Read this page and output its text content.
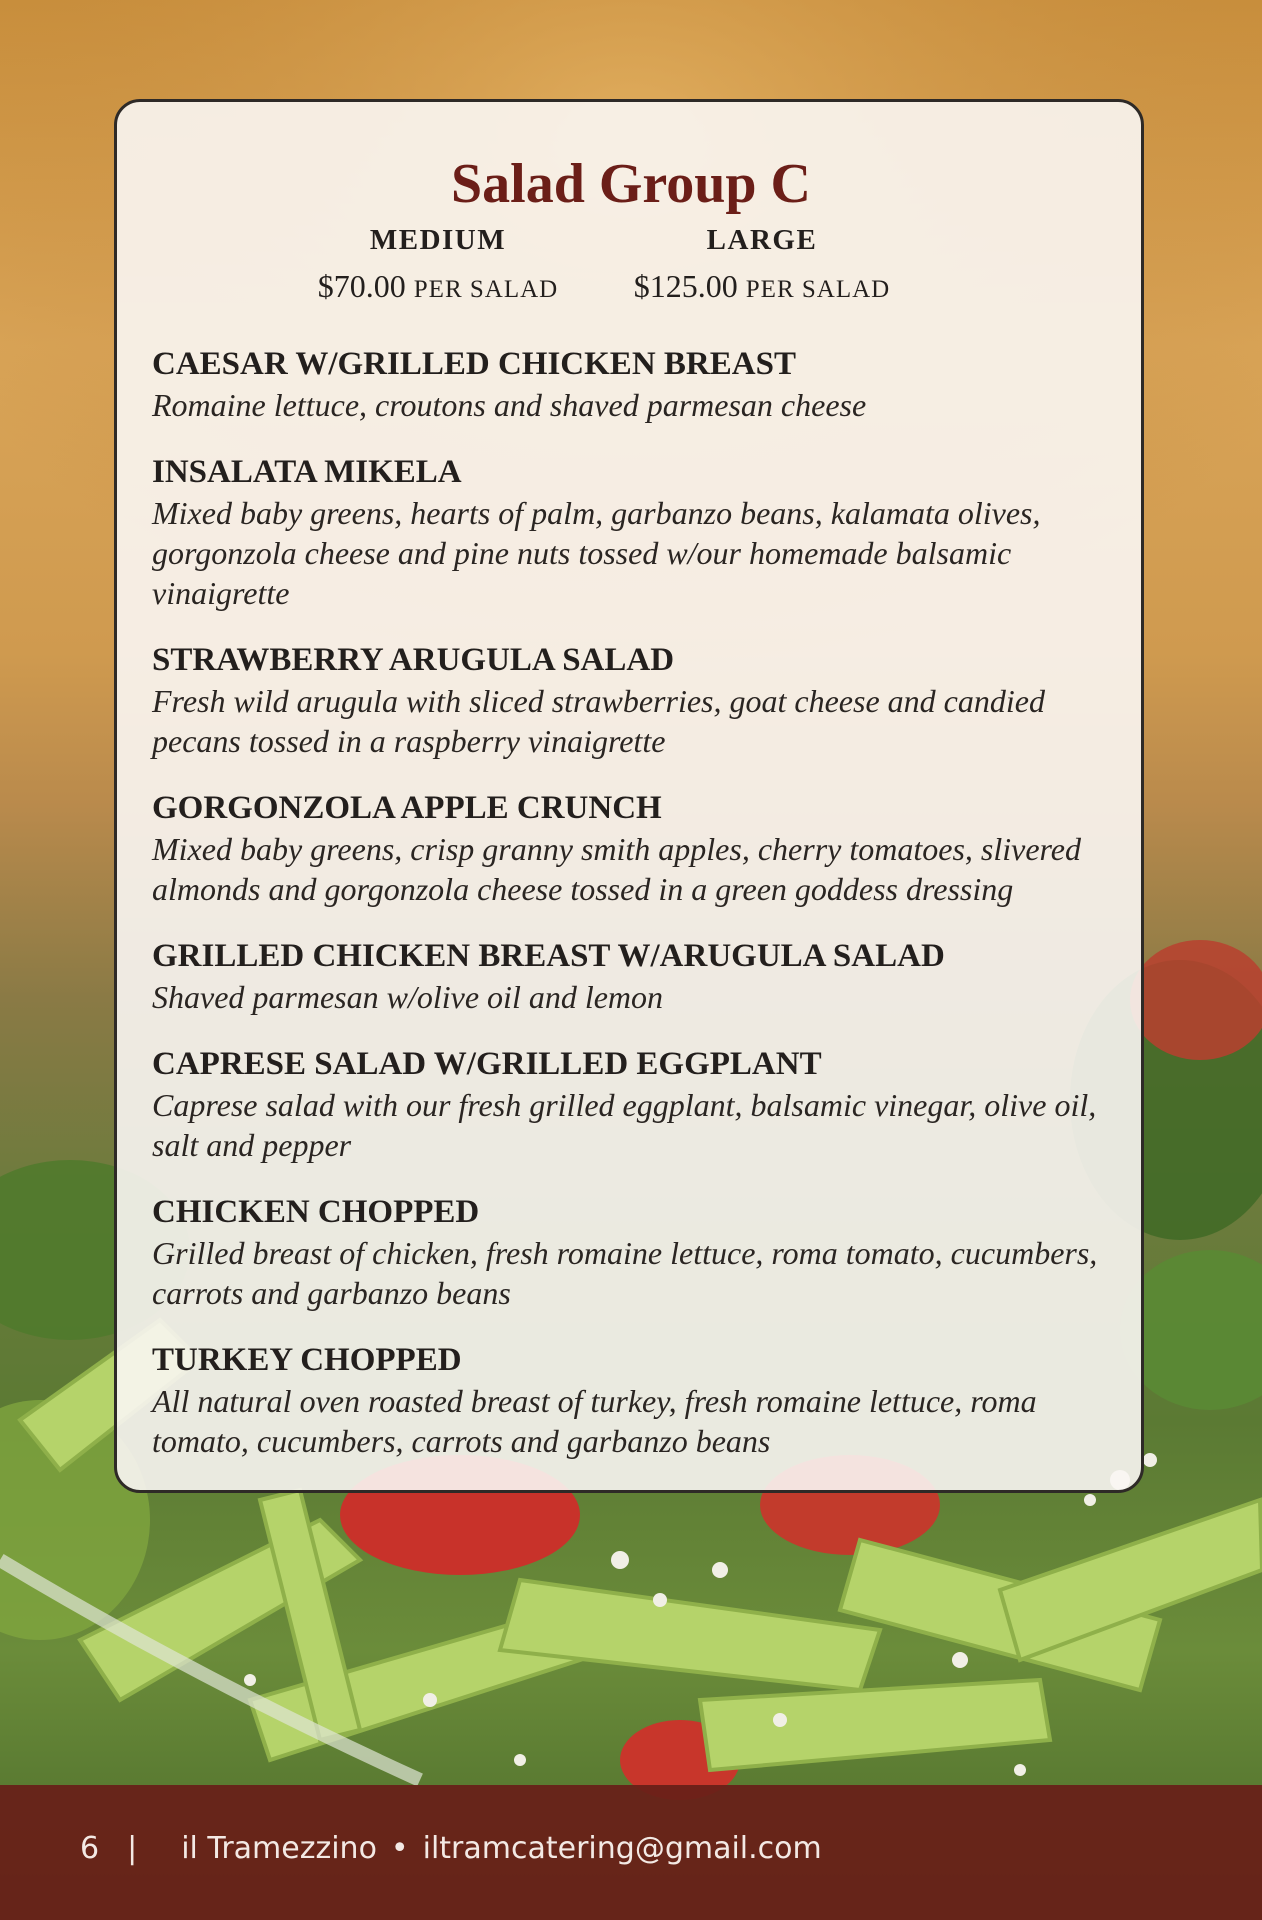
Salad Group C
MEDIUM
$70.00 PER SALAD
LARGE
$125.00 PER SALAD
CAESAR W/GRILLED CHICKEN BREAST

Romaine lettuce, croutons and shaved parmesan cheese

INSALATA MIKELA

Mixed baby greens, hearts of palm, garbanzo beans, kalamata olives, gorgonzola cheese and pine nuts tossed w/our homemade balsamic vinaigrette

STRAWBERRY ARUGULA SALAD

Fresh wild arugula with sliced strawberries, goat cheese and candied pecans tossed in a raspberry vinaigrette

GORGONZOLA APPLE CRUNCH

Mixed baby greens, crisp granny smith apples, cherry tomatoes, slivered almonds and gorgonzola cheese tossed in a green goddess dressing

GRILLED CHICKEN BREAST W/ARUGULA SALAD

Shaved parmesan w/olive oil and lemon

CAPRESE SALAD W/GRILLED EGGPLANT

Caprese salad with our fresh grilled eggplant, balsamic vinegar, olive oil, salt and pepper

CHICKEN CHOPPED

Grilled breast of chicken, fresh romaine lettuce, roma tomato, cucumbers, carrots and garbanzo beans

TURKEY CHOPPED

All natural oven roasted breast of turkey, fresh romaine lettuce, roma tomato, cucumbers, carrots and garbanzo beans

6 | il Tramezzino • iltramcatering@gmail.com
